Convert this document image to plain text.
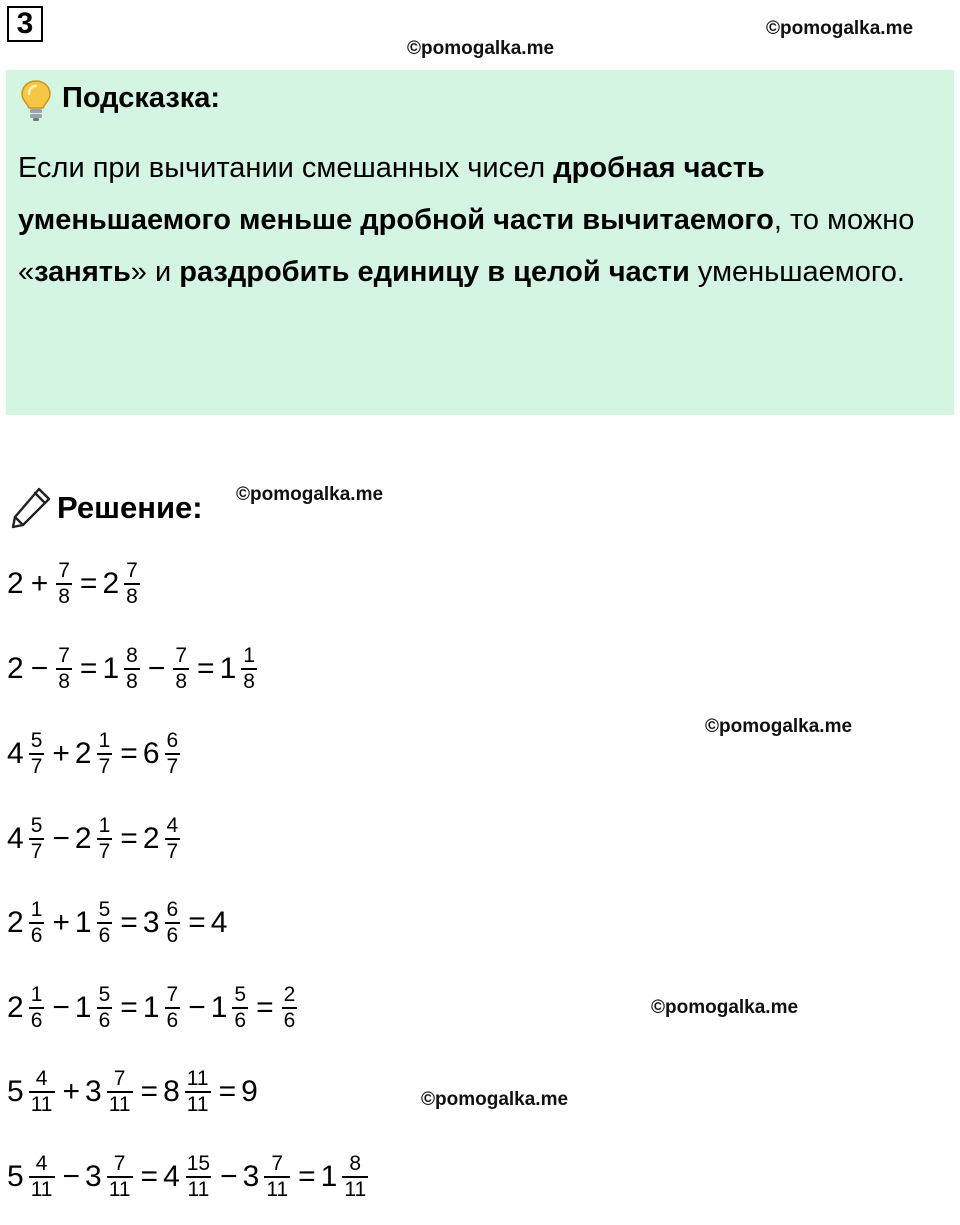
3
©pomogalka.me
©pomogalka.me
©pomogalka.me
©pomogalka.me
©pomogalka.me
©pomogalka.me
Подсказка:
Если при вычитании смешанных чисел дробная часть уменьшаемого меньше дробной части вычитаемого, то можно «занять» и раздробить единицу в целой части уменьшаемого.
Решение:
$2 + \frac{7}{8} = 2 \frac{7}{8}$
$2 - \frac{7}{8} = 1 \frac{8}{8} - \frac{7}{8} = 1 \frac{1}{8}$
$4 \frac{5}{7} + 2 \frac{1}{7} = 6 \frac{6}{7}$
$4 \frac{5}{7} - 2 \frac{1}{7} = 2 \frac{4}{7}$
$2 \frac{1}{6} + 1 \frac{5}{6} = 3 \frac{6}{6} = 4$
$2 \frac{1}{6} - 1 \frac{5}{6} = 1 \frac{7}{6} - 1 \frac{5}{6} = \frac{2}{6}$
$5 \frac{4}{11} + 3 \frac{7}{11} = 8 \frac{11}{11} = 9$
$5 \frac{4}{11} - 3 \frac{7}{11} = 4 \frac{15}{11} - 3 \frac{7}{11} = 1 \frac{8}{11}$
